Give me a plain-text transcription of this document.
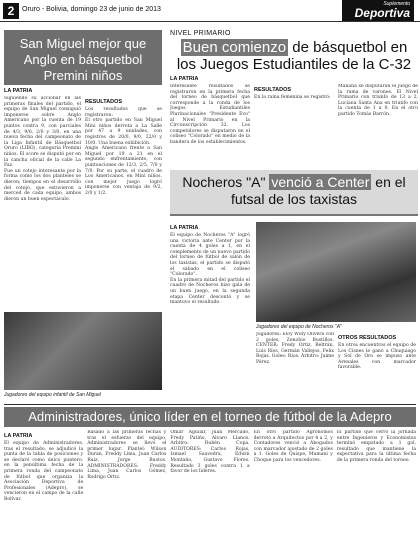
2	Oruro - Bolivia, domingo 23 de junio de 2013
Suplemento
Deportiva
San Miguel mejor que Anglo en básquetbol Premini niños
LA PATRIA

Siguiendo su accionar en las primeras finales del partido, el equipo de San Miguel consiguió imponerse sobre Anglo Americano por la cuenta de 19 puntos contra 9, con parciales de 4/3, 9/6, 2/0 y 3/0, en una nueva fecha del campeonato de la Liga Infantil de Básquetbol Oruro (LIBO), categoría Premini niños. El score se disputó por en la cancha oficial de la calle La Paz.

Fue un cotejo interesante por la forma como los dos planteles se dieron; tiempos en el desarrollo del cotejo, que estuvieron a merced de cada equipo, ambos dieron un buen espectáculo.

RESULTADOS

Los resultados que se registraron:

El otro partido en San Miguel Mini niños derrota a La Salle por 47 a 9 unidades, con registros de 20/0, 9/0, 22/0 y 10/0. Una buena exhibición.

Anglo Americano frente a San Miguel por 19 a 21 en el segundo enfrentamiento, con puntuaciones de 12/3, 2/5, 7/0 y 7/0. Por su parte, el cuadro de Los Americanos, en Mini niños, con mejor juego logró imponerse con ventaja de 9/2, 2/0 y 1/2.

Jugadores del equipo infantil de San Miguel
NIVEL PRIMARIO
Buen comienzo de básquetbol en los Juegos Estudiantiles de la C-32
LA PATRIA

Interesante resultados se registraron en la primera fecha del torneo de básquetbol que corresponde a la ronda de los Juegos Estudiantiles Plurinacionales "Presidente Evo" al Nivel Primario en la Circunscripción 32. Los competidores se disputaron en el coliseo "Colorado" en medio de la bandera de los establecimientos.

RESULTADOS

En la rama femenina se registró:

Mañana se disputarán el juego de la rama de varones. El Nivel Primario con triunfo de 13 a 2, Luciana Santa Ana en triunfo con la cuenta de 1 a 0. En el otro partido Tomás Barrón.

Nocheros "A" venció a Center en el futsal de los taxistas
LA PATRIA

El equipo de Nocheros "A" logró una victoria ante Center por la cuenta de 4 goles a 1, en el complemento de un nuevo partido del torneo de fútbol de salón de los taxistas, el partido se disputó el sábado en el coliseo "Colorado".

En la primera mitad del partido el cuadro de Nocheros hizo gala de un buen juego, en la segunda etapa Center descontó y se mantuvo el resultado.

Jugadores del equipo de Nocheros "A"

Jugadores: Eloy Willy Olivera con 2 goles, Zenobio Bustillos. CENTER: Fredy Ortiz, Beltrán, Luis Ríos, Germán Vallejos, Felix Rojas. Goles: Ríos. Árbitro: Jaime Pérez.

OTROS RESULTADOS

En otros encuentros el equipo de Los Cisnes le ganó a Chuquiago y Sol de Oro se impuso ante Arenales con marcador favorable.

Administradores, único líder en el torneo de fútbol de la Adepro
LA PATRIA

El equipo de Administradores, tras el resultado, se adjudicó la punta de la tabla de posiciones y se declaró como único puntero, en la penúltima fecha de la primera ronda del campeonato de fútbol que organiza la Asociación Deportiva de Profesionales (Adepro), se vencieron en el campo de la calle Bolívar.

Basado a las primeras fechas y tras el esfuerzo del equipo, Administradores se llevó el primer lugar. Plantel: Wilson Duran, Freddy Lima, Juan Carlos Ruiz, Jorge Bustos. ADMINISTRADORES: Freddy Lima, Juan Carlos Gómez, Rodrigo Ortiz.

Omar Aguilar, Juan Mercado, Fredy Patiño, Alvaro Llanos. Arbitro: Rubén Copa. AUDITORES: Carlos Rojas, Ismael Saavedra, Edwin Montaño, Gustavo Flores. Resultado 3 goles contra 1 a favor de los líderes.

En otro partido Agrónomos derrotó a Arquitectos por 4 a 2, y Contadores venció a Abogados con marcador ajustado de 2 goles a 1. Goles de Quispe, Mamani y Choque para los vencedores.

El partido que cerró la jornada entre Ingenieros y Economistas terminó empatado a 1 gol, resultado que mantiene la expectativa para la última fecha de la primera ronda del torneo.
